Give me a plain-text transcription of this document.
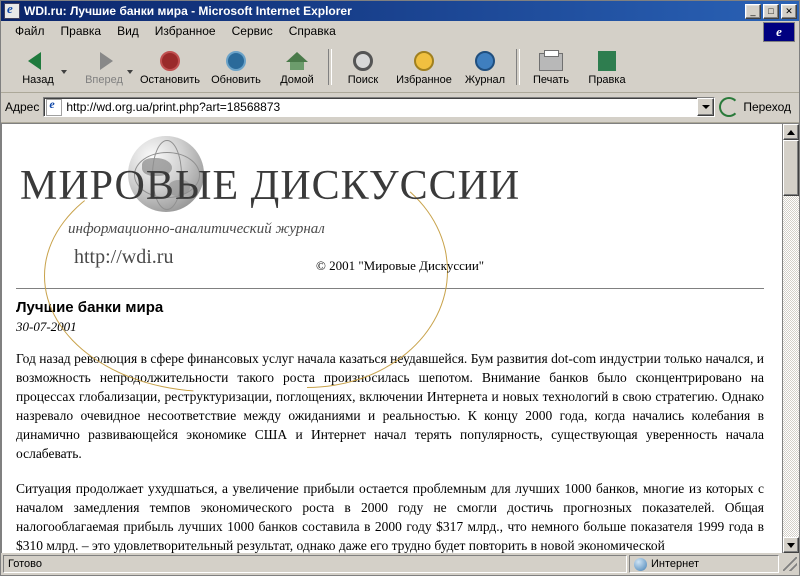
e
WDI.ru: Лучшие банки мира - Microsoft Internet Explorer	_	□	✕
Файл	Правка	Вид	Избранное	Сервис	Справка	e
Назад	Вперед Остановить Обновить Домой	Поиск Избранное Журнал	Печать Правка
Адрес e http://wd.org.ua/print.php?art=18568873	Переход
МИРОВЫЕ ДИСКУССИИ
информационно-аналитический журнал
http://wdi.ru	© 2001 "Мировые Дискуссии"
Лучшие банки мира
30-07-2001

Год назад революция в сфере финансовых услуг начала казаться неудавшейся. Бум развития dot-com индустрии только начался, и возможность непродолжительности такого роста произносилась шепотом. Внимание банков было сконцентрировано на процессах глобализации, реструктуризации, поглощениях, включении Интернета и новых технологий в свою стратегию. Однако назревало очевидное несоответствие между ожиданиями и реальностью. К концу 2000 года, когда начались колебания в динамично развивающейся экономике США и Интернет начал терять популярность, существующая уверенность начала ослабевать.

Ситуация продолжает ухудшаться, а увеличение прибыли остается проблемным для лучших 1000 банков, многие из которых с началом замедления темпов экономического роста в 2000 году не смогли достичь прогнозных показателей. Общая налогооблагаемая прибыль лучших 1000 банков составила в 2000 году $317 млрд., что немного больше показателя 1999 года в $310 млрд. – это удовлетворительный результат, однако даже его трудно будет повторить в новой экономической

Готово	Интернет
